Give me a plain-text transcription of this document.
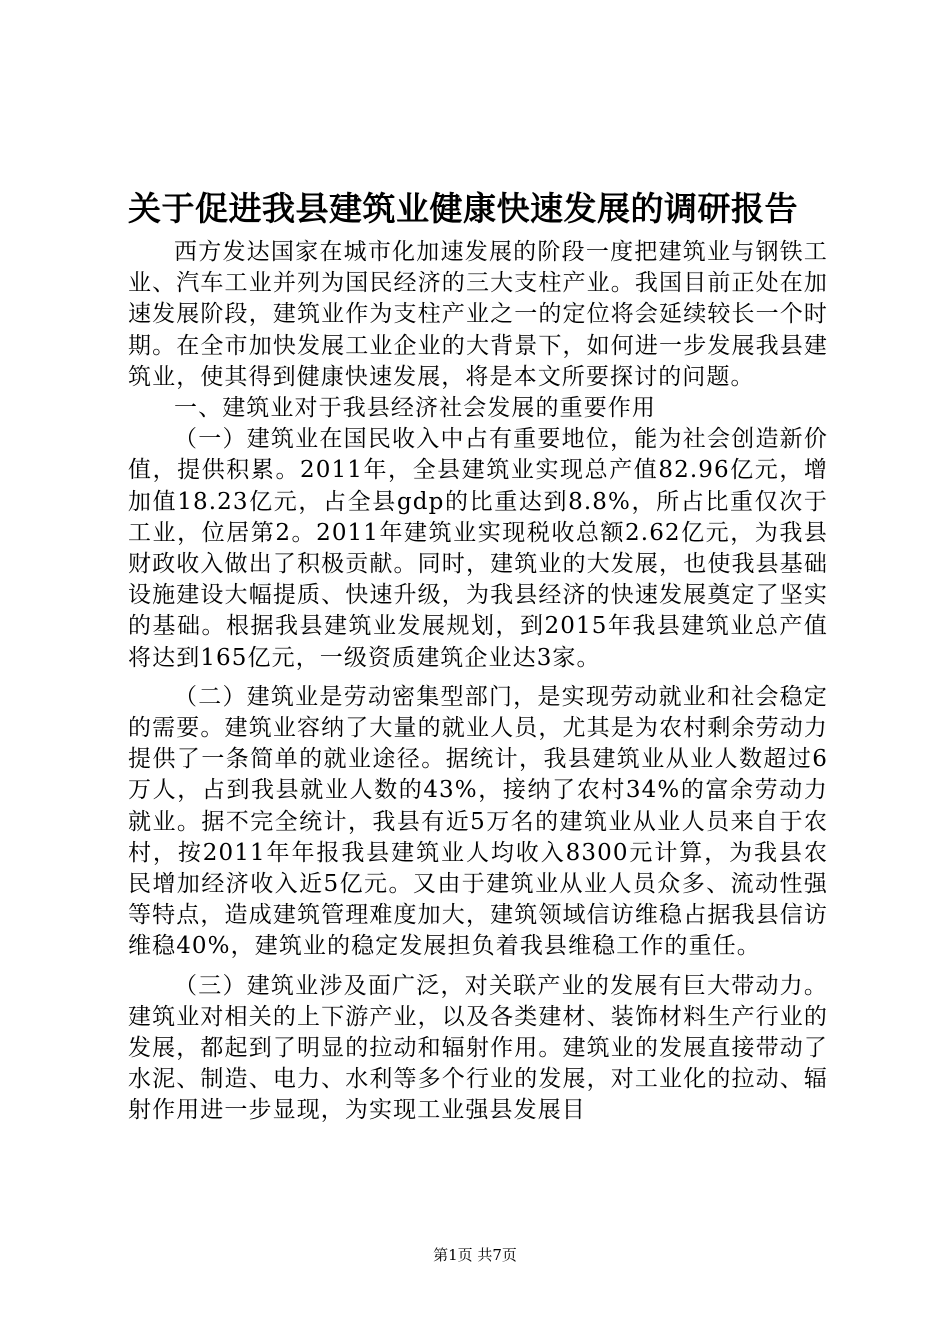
关于促进我县建筑业健康快速发展的调研报告

西方发达国家在城市化加速发展的阶段一度把建筑业与钢铁工业、汽车工业并列为国民经济的三大支柱产业。我国目前正处在加速发展阶段，建筑业作为支柱产业之一的定位将会延续较长一个时期。在全市加快发展工业企业的大背景下，如何进一步发展我县建筑业，使其得到健康快速发展，将是本文所要探讨的问题。

一、建筑业对于我县经济社会发展的重要作用

（一）建筑业在国民收入中占有重要地位，能为社会创造新价值，提供积累。2011年，全县建筑业实现总产值82.96亿元，增加值18.23亿元，占全县gdp的比重达到8.8%，所占比重仅次于工业，位居第2。2011年建筑业实现税收总额2.62亿元，为我县财政收入做出了积极贡献。同时，建筑业的大发展，也使我县基础设施建设大幅提质、快速升级，为我县经济的快速发展奠定了坚实的基础。根据我县建筑业发展规划，到2015年我县建筑业总产值将达到165亿元，一级资质建筑企业达3家。

（二）建筑业是劳动密集型部门，是实现劳动就业和社会稳定的需要。建筑业容纳了大量的就业人员，尤其是为农村剩余劳动力提供了一条简单的就业途径。据统计，我县建筑业从业人数超过6万人，占到我县就业人数的43%，接纳了农村34%的富余劳动力就业。据不完全统计，我县有近5万名的建筑业从业人员来自于农村，按2011年年报我县建筑业人均收入8300元计算，为我县农民增加经济收入近5亿元。又由于建筑业从业人员众多、流动性强等特点，造成建筑管理难度加大，建筑领域信访维稳占据我县信访维稳40%，建筑业的稳定发展担负着我县维稳工作的重任。

（三）建筑业涉及面广泛，对关联产业的发展有巨大带动力。建筑业对相关的上下游产业，以及各类建材、装饰材料生产行业的发展，都起到了明显的拉动和辐射作用。建筑业的发展直接带动了水泥、制造、电力、水利等多个行业的发展，对工业化的拉动、辐射作用进一步显现，为实现工业强县发展目

第1页 共7页
